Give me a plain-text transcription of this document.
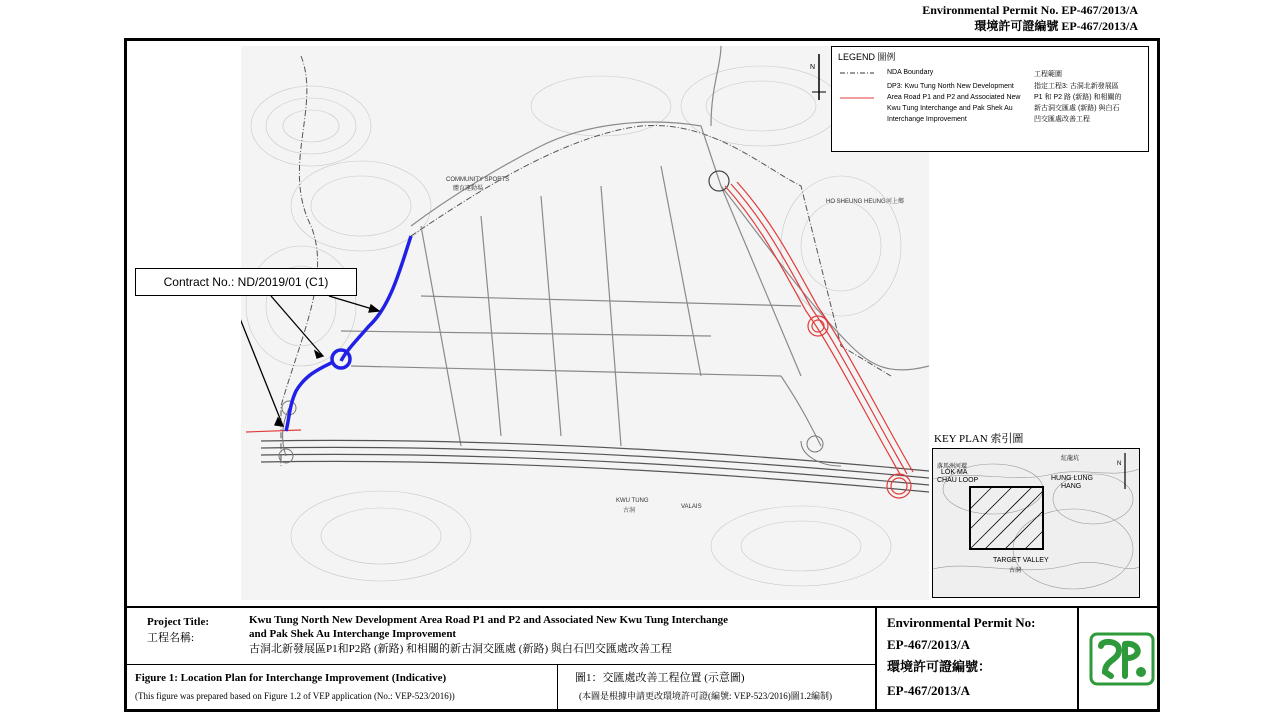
Environmental Permit No. EP-467/2013/A
環境許可證編號 EP-467/2013/A
COMMUNITY SPORTS
體育運動場
HO SHEUNG HEUNG 河上鄉
KWU TUNG
古洞
VALAIS
Contract No.: ND/2019/01 (C1)
LEGEND 圖例
NDA Boundary	工程範圍
DP3: Kwu Tung North New Development
Area Road P1 and P2 and Associated New
Kwu Tung Interchange and Pak Shek Au
Interchange Improvement
指定工程3: 古洞北新發展區
P1 和 P2 路 (新路) 和相關的
新古洞交匯處 (新路) 與白石
凹交匯處改善工程
N
KEY PLAN 索引圖
落馬洲河環
LOK MA
CHAU LOOP
紅龍坑
HUNG LUNG
HANG
TARGET VALLEY
古洞
N
Project Title:
工程名稱:
Kwu Tung North New Development Area Road P1 and P2 and Associated New Kwu Tung Interchange
and Pak Shek Au Interchange Improvement
古洞北新發展區P1和P2路 (新路) 和相關的新古洞交匯處 (新路) 與白石凹交匯處改善工程
Figure 1: Location Plan for Interchange Improvement (Indicative)
(This figure was prepared based on Figure 1.2 of VEP application (No.: VEP-523/2016))
圖1：交匯處改善工程位置 (示意圖)
(本圖是根據申請更改環境許可證(編號: VEP-523/2016)圖1.2編制)
Environmental Permit No:
EP-467/2013/A
環境許可證編號：
EP-467/2013/A
